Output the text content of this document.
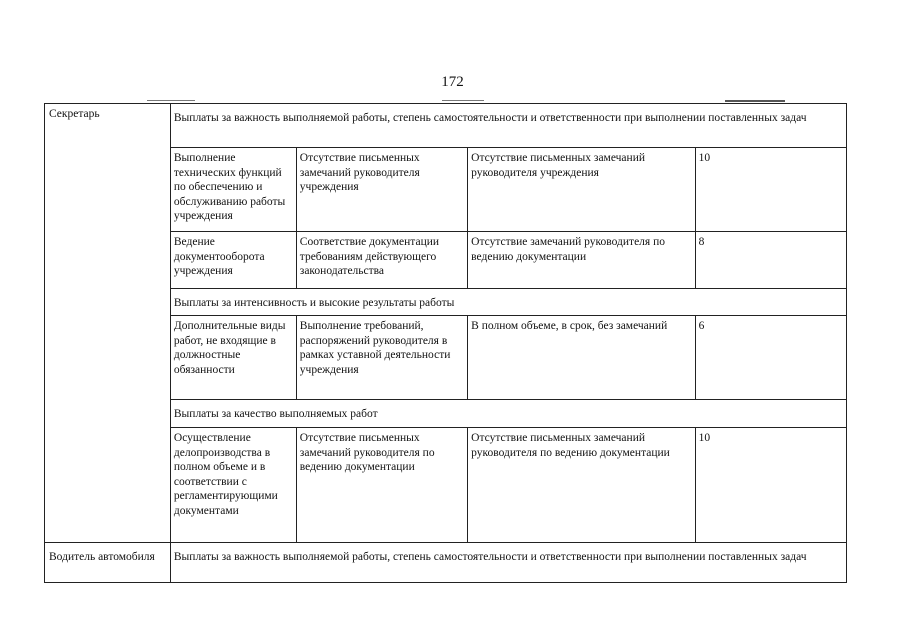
172
Секретарь	Выплаты за важность выполняемой работы, степень самостоятельности и ответственности при выполнении поставленных задач			
	Выполнение технических функций по обеспечению и обслуживанию работы учреждения	Отсутствие письменных замечаний руководителя учреждения	Отсутствие письменных замечаний руководителя учреждения	10
	Ведение документооборота учреждения	Соответствие документации требованиям действующего законодательства	Отсутствие замечаний руководителя по ведению документации	8
	Выплаты за интенсивность и высокие результаты работы			
	Дополнительные виды работ, не входящие в должностные обязанности	Выполнение требований, распоряжений руководителя в рамках уставной деятельности учреждения	В полном объеме, в срок, без замечаний	6
	Выплаты за качество выполняемых работ			
	Осуществление делопроизводства в полном объеме и в соответствии с регламентирующими документами	Отсутствие письменных замечаний руководителя по ведению документации	Отсутствие письменных замечаний руководителя по ведению документации	10
Водитель автомобиля	Выплаты за важность выполняемой работы, степень самостоятельности и ответственности при выполнении поставленных задач			
